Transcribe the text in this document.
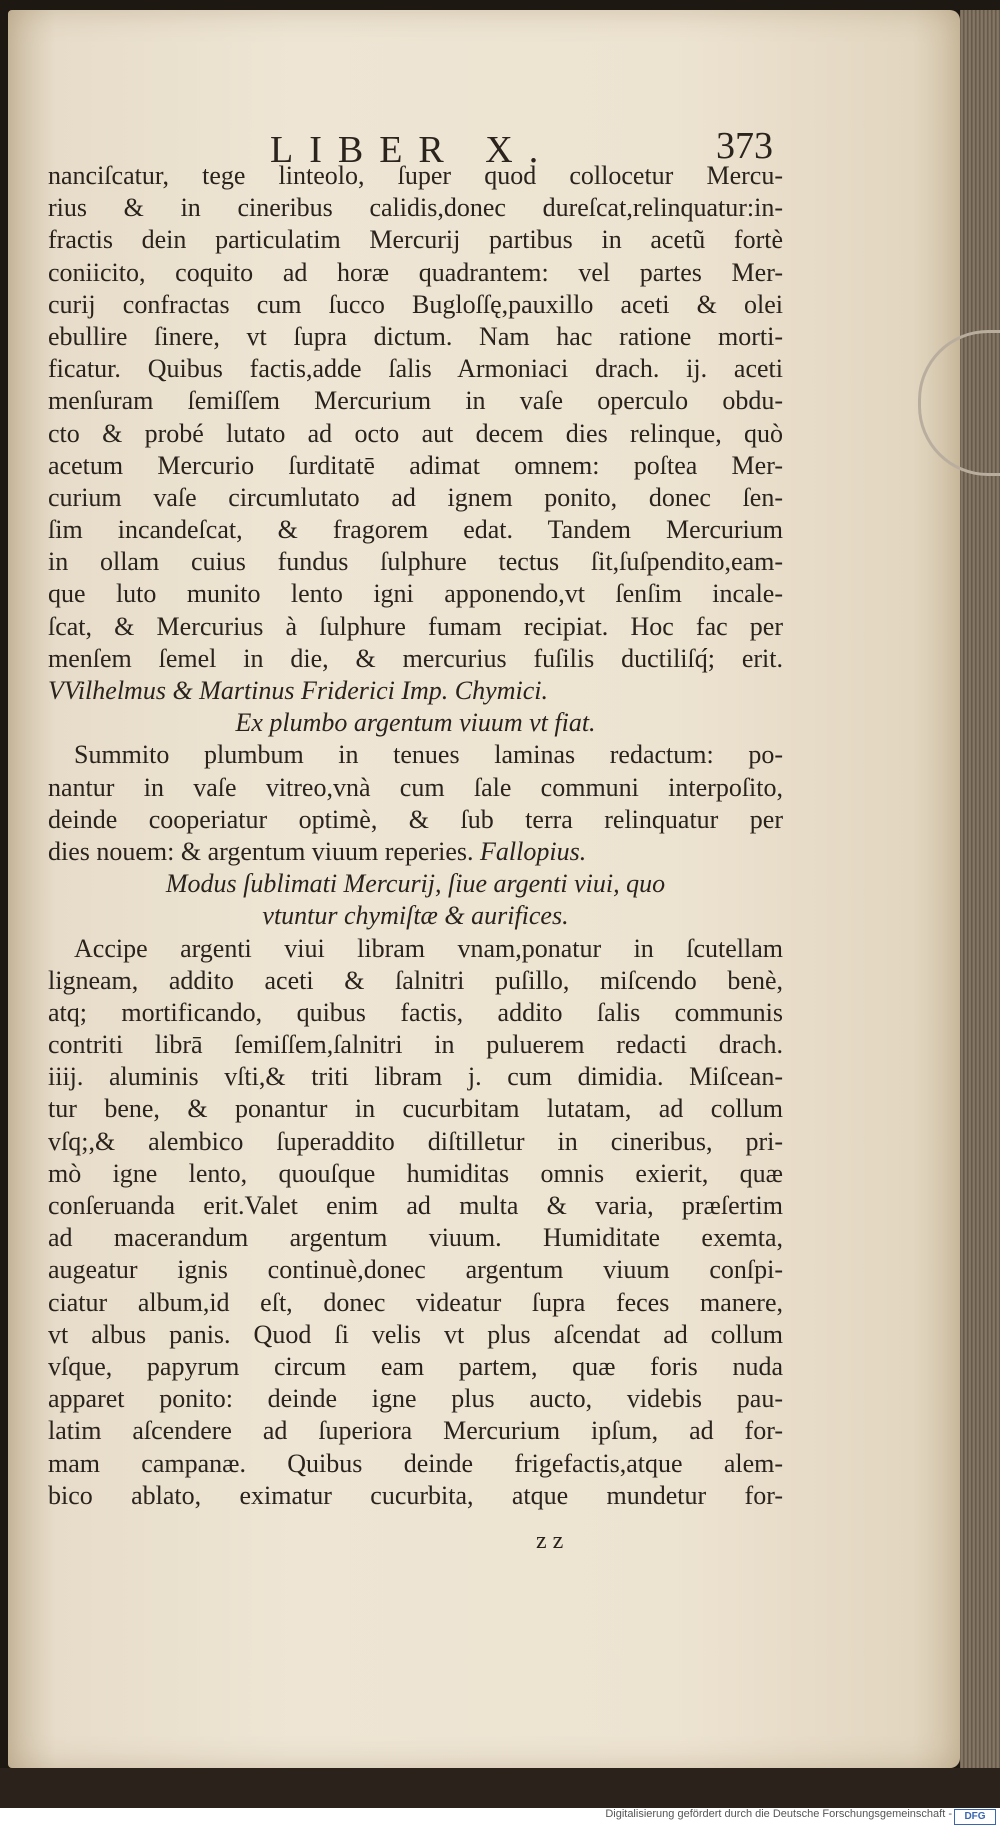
LIBER X.	373
nanciſcatur, tege linteolo, ſuper quod collocetur Mercu-
rius & in cineribus calidis,donec dureſcat,relinquatur:in-
fractis dein particulatim Mercurij partibus in acetũ fortè
coniicito, coquito ad horæ quadrantem: vel partes Mer-
curij confractas cum ſucco Bugloſſę,pauxillo aceti & olei
ebullire ſinere, vt ſupra dictum. Nam hac ratione morti-
ficatur. Quibus factis,adde ſalis Armoniaci drach. ij. aceti
menſuram ſemiſſem Mercurium in vaſe operculo obdu-
cto & probé lutato ad octo aut decem dies relinque, quò
acetum Mercurio ſurditatē adimat omnem: poſtea Mer-
curium vaſe circumlutato ad ignem ponito, donec ſen-
ſim incandeſcat, & fragorem edat. Tandem Mercurium
in ollam cuius fundus ſulphure tectus ſit,ſuſpendito,eam-
que luto munito lento igni apponendo,vt ſenſim incale-
ſcat, & Mercurius à ſulphure fumam recipiat. Hoc fac per
menſem ſemel in die, & mercurius fuſilis ductiliſq́; erit.
VVilhelmus & Martinus Friderici Imp. Chymici.
Ex plumbo argentum viuum vt fiat.
Summito plumbum in tenues laminas redactum: po-
nantur in vaſe vitreo,vnà cum ſale communi interpoſito,
deinde cooperiatur optimè, & ſub terra relinquatur per
dies nouem: & argentum viuum reperies. Fallopius.
Modus ſublimati Mercurij, ſiue argenti viui, quo
vtuntur chymiſtæ & aurifices.
Accipe argenti viui libram vnam,ponatur in ſcutellam
ligneam, addito aceti & ſalnitri puſillo, miſcendo benè,
atq; mortificando, quibus factis, addito ſalis communis
contriti librā ſemiſſem,ſalnitri in puluerem redacti drach.
iiij. aluminis vſti,& triti libram j. cum dimidia. Miſcean-
tur bene, & ponantur in cucurbitam lutatam, ad collum
vſq;,& alembico ſuperaddito diſtilletur in cineribus, pri-
mò igne lento, quouſque humiditas omnis exierit, quæ
conſeruanda erit.Valet enim ad multa & varia, præſertim
ad macerandum argentum viuum. Humiditate exemta,
augeatur ignis continuè,donec argentum viuum conſpi-
ciatur album,id eſt, donec videatur ſupra feces manere,
vt albus panis. Quod ſi velis vt plus aſcendat ad collum
vſque, papyrum circum eam partem, quæ foris nuda
apparet ponito: deinde igne plus aucto, videbis pau-
latim aſcendere ad ſuperiora Mercurium ipſum, ad for-
mam campanæ. Quibus deinde frigefactis,atque alem-
bico ablato, eximatur cucurbita, atque mundetur for-
z z
Digitalisierung gefördert durch die Deutsche Forschungsgemeinschaft -	DFG
